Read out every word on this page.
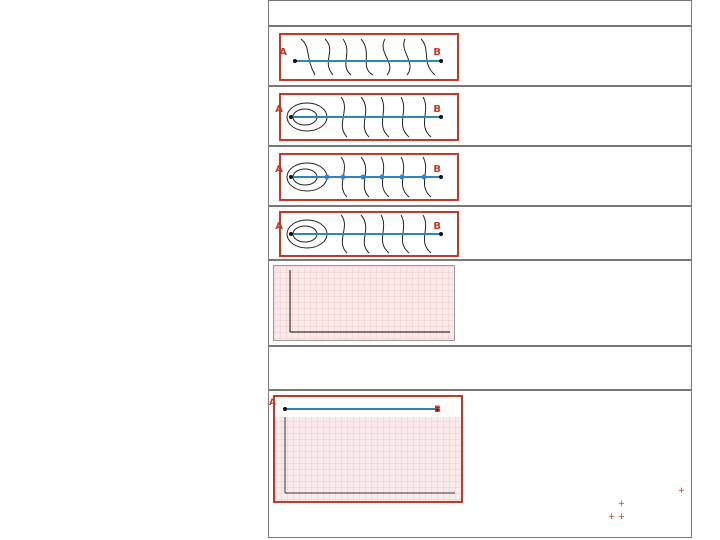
A	B

A	B

A	B

A	B

+
+
+ +
A
B
